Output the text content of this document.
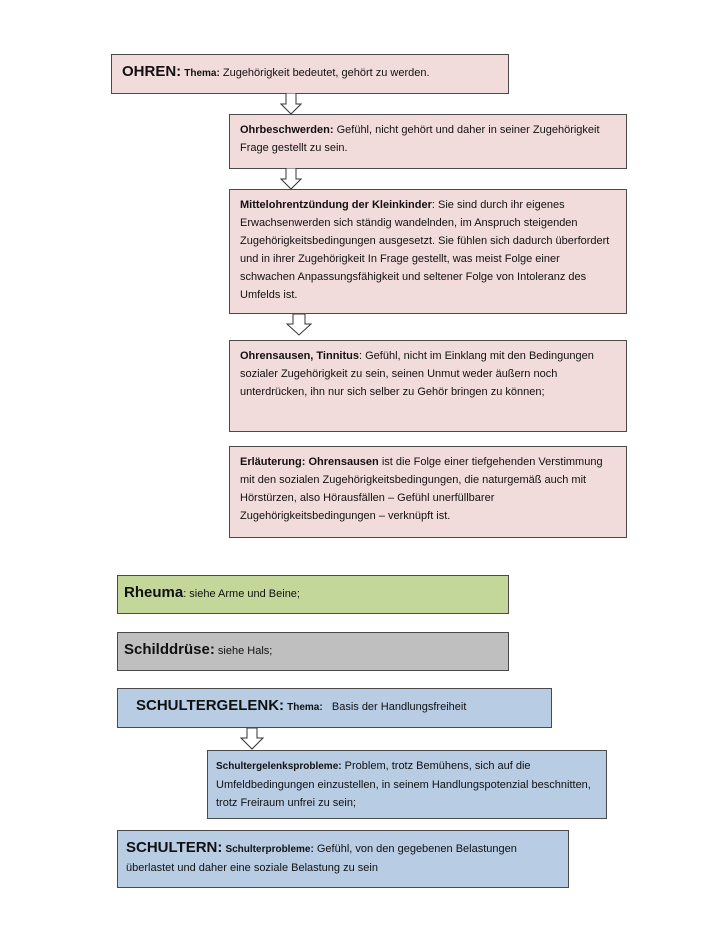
OHREN: Thema: Zugehörigkeit bedeutet, gehört zu werden.
Ohrbeschwerden: Gefühl, nicht gehört und daher in seiner Zugehörigkeit Frage gestellt zu sein.
Mittelohrentzündung der Kleinkinder: Sie sind durch ihr eigenes Erwachsenwerden sich ständig wandelnden, im Anspruch steigenden Zugehörigkeitsbedingungen ausgesetzt. Sie fühlen sich dadurch überfordert und in ihrer Zugehörigkeit In Frage gestellt, was meist Folge einer schwachen Anpassungsfähigkeit und seltener Folge von Intoleranz des Umfelds ist.
Ohrensausen, Tinnitus: Gefühl, nicht im Einklang mit den Bedingungen sozialer Zugehörigkeit zu sein, seinen Unmut weder äußern noch unterdrücken, ihn nur sich selber zu Gehör bringen zu können;
Erläuterung: Ohrensausen ist die Folge einer tiefgehenden Verstimmung mit den sozialen Zugehörigkeitsbedingungen, die naturgemäß auch mit Hörstürzen, also Hörausfällen – Gefühl unerfüllbarer Zugehörigkeitsbedingungen – verknüpft ist.
Rheuma: siehe Arme und Beine;
Schilddrüse: siehe Hals;
SCHULTERGELENK: Thema: Basis der Handlungsfreiheit
Schultergelenksprobleme: Problem, trotz Bemühens, sich auf die Umfeldbedingungen einzustellen, in seinem Handlungspotenzial beschnitten, trotz Freiraum unfrei zu sein;
SCHULTERN: Schulterprobleme: Gefühl, von den gegebenen Belastungen überlastet und daher eine soziale Belastung zu sein
